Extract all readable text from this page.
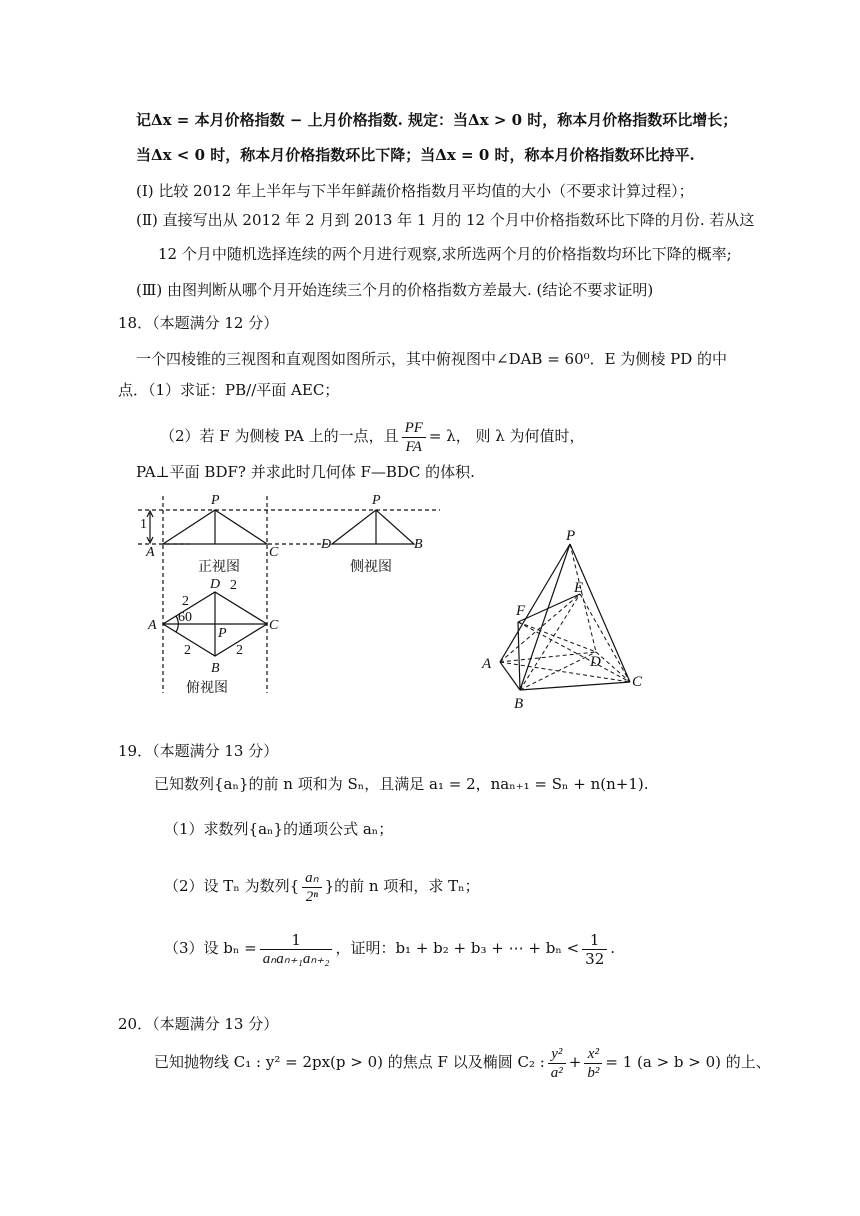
记Δx = 本月价格指数 − 上月价格指数. 规定：当Δx > 0 时，称本月价格指数环比增长；
当Δx < 0 时，称本月价格指数环比下降；当Δx = 0 时，称本月价格指数环比持平.
(Ⅰ) 比较 2012 年上半年与下半年鲜蔬价格指数月平均值的大小（不要求计算过程）；
(Ⅱ) 直接写出从 2012 年 2 月到 2013 年 1 月的 12 个月中价格指数环比下降的月份. 若从这
12 个月中随机选择连续的两个月进行观察,求所选两个月的价格指数均环比下降的概率;
(Ⅲ) 由图判断从哪个月开始连续三个月的价格指数方差最大. (结论不要求证明)
18．（本题满分 12 分）
一个四棱锥的三视图和直观图如图所示，其中俯视图中∠DAB = 60⁰．E 为侧棱 PD 的中
点．（1）求证：PB//平面 AEC；
（2）若 F 为侧棱 PA 上的一点，且 $\frac{PF}{FA} = \lambda$， 则 λ 为何值时，
PA⊥平面 BDF? 并求此时几何体 F—BDC 的体积.
1
P
A	C
P
D	B
D
A	C
P
B
2
2
2	2
60
正视图	侧视图
俯视图
P
F
E
A	D
C
B
19．（本题满分 13 分）
已知数列{aₙ}的前 n 项和为 Sₙ，且满足 a₁ = 2，naₙ₊₁ = Sₙ + n(n+1).
（1）求数列{aₙ}的通项公式 aₙ；
（2）设 Tₙ 为数列{ $\frac{\text{aₙ}}{\text{2ⁿ}}$ }的前 n 项和，求 Tₙ；
（3）设 $b_n = \frac{1}{\text{aₙaₙ₊₁aₙ₊₂}}$ ，证明：b₁ + b₂ + b₃ + ⋯ + $b_n < \frac{1}{32}$ .
20．（本题满分 13 分）
已知抛物线 C₁ : y² = 2px(p > 0) 的焦点 F 以及椭圆 C₂ : $\frac{\text{y²}}{\text{a²}} + \frac{\text{x²}}{\text{b²}} = 1$ (a > b > 0) 的上、
